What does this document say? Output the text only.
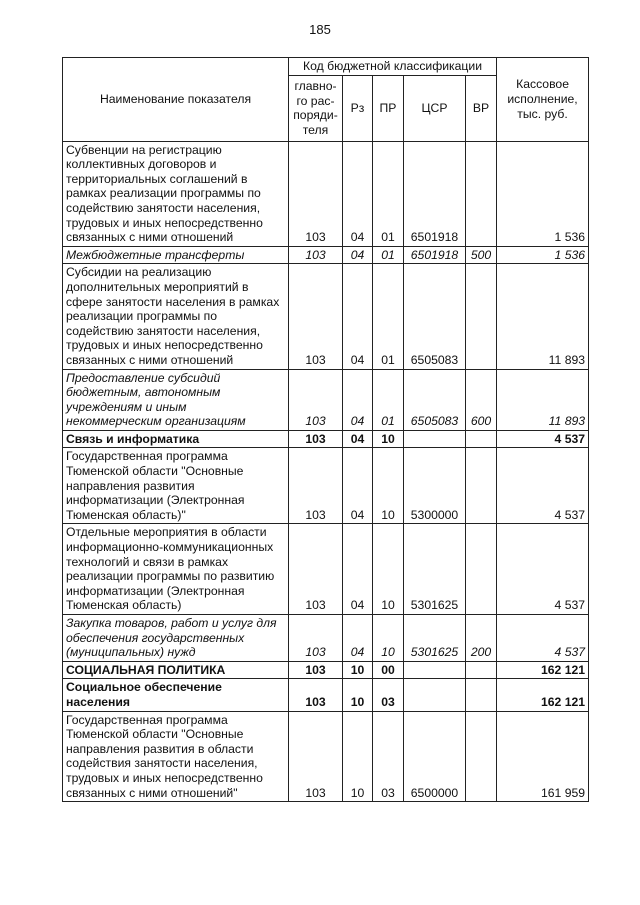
185
Наименование показателя	Код бюджетной классификации					Кассовое исполнение, тыс. руб.
	главно-го рас-поряди-теля	Рз	ПР	ЦСР	ВР	
Субвенции на регистрацию коллективных договоров и территориальных соглашений в рамках реализации программы по содействию занятости населения, трудовых и иных непосредственно связанных с ними отношений	103	04	01	6501918		1 536
Межбюджетные трансферты	103	04	01	6501918	500	1 536
Субсидии на реализацию дополнительных мероприятий в сфере занятости населения в рамках реализации программы по содействию занятости населения, трудовых и иных непосредственно связанных с ними отношений	103	04	01	6505083		11 893
Предоставление субсидий бюджетным, автономным учреждениям и иным некоммерческим организациям	103	04	01	6505083	600	11 893
Связь и информатика	103	04	10			4 537
Государственная программа Тюменской области "Основные направления развития информатизации (Электронная Тюменская область)"	103	04	10	5300000		4 537
Отдельные мероприятия в области информационно-коммуникационных технологий и связи в рамках реализации программы по развитию информатизации (Электронная Тюменская область)	103	04	10	5301625		4 537
Закупка товаров, работ и услуг для обеспечения государственных (муниципальных) нужд	103	04	10	5301625	200	4 537
СОЦИАЛЬНАЯ ПОЛИТИКА	103	10	00			162 121
Социальное обеспечение населения	103	10	03			162 121
Государственная программа Тюменской области "Основные направления развития в области содействия занятости населения, трудовых и иных непосредственно связанных с ними отношений"	103	10	03	6500000		161 959
